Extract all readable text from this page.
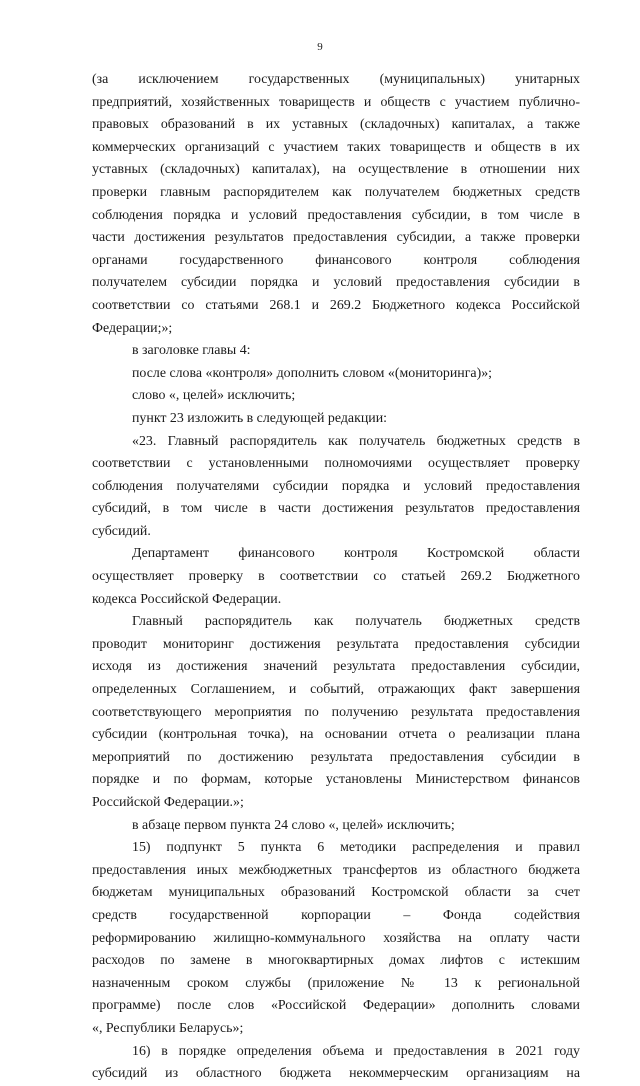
9
(за исключением государственных (муниципальных) унитарных
предприятий, хозяйственных товариществ и обществ с участием публично-
правовых образований в их уставных (складочных) капиталах, а также
коммерческих организаций с участием таких товариществ и обществ в их
уставных (складочных) капиталах), на осуществление в отношении них
проверки главным распорядителем как получателем бюджетных средств
соблюдения порядка и условий предоставления субсидии, в том числе в
части достижения результатов предоставления субсидии, а также проверки
органами государственного финансового контроля соблюдения
получателем субсидии порядка и условий предоставления субсидии в
соответствии со статьями 268.1 и 269.2 Бюджетного кодекса Российской
Федерации;»;
в заголовке главы 4:
после слова «контроля» дополнить словом «(мониторинга)»;
слово «, целей» исключить;
пункт 23 изложить в следующей редакции:
«23. Главный распорядитель как получатель бюджетных средств в
соответствии с установленными полномочиями осуществляет проверку
соблюдения получателями субсидии порядка и условий предоставления
субсидий, в том числе в части достижения результатов предоставления
субсидий.
Департамент финансового контроля Костромской области
осуществляет проверку в соответствии со статьей 269.2 Бюджетного
кодекса Российской Федерации.
Главный распорядитель как получатель бюджетных средств
проводит мониторинг достижения результата предоставления субсидии
исходя из достижения значений результата предоставления субсидии,
определенных Соглашением, и событий, отражающих факт завершения
соответствующего мероприятия по получению результата предоставления
субсидии (контрольная точка), на основании отчета о реализации плана
мероприятий по достижению результата предоставления субсидии в
порядке и по формам, которые установлены Министерством финансов
Российской Федерации.»;
в абзаце первом пункта 24 слово «, целей» исключить;
15) подпункт 5 пункта 6 методики распределения и правил
предоставления иных межбюджетных трансфертов из областного бюджета
бюджетам муниципальных образований Костромской области за счет
средств государственной корпорации – Фонда содействия
реформированию жилищно-коммунального хозяйства на оплату части
расходов по замене в многоквартирных домах лифтов с истекшим
назначенным сроком службы (приложение № 13 к региональной
программе) после слов «Российской Федерации» дополнить словами
«, Республики Беларусь»;
16) в порядке определения объема и предоставления в 2021 году
субсидий из областного бюджета некоммерческим организациям на
